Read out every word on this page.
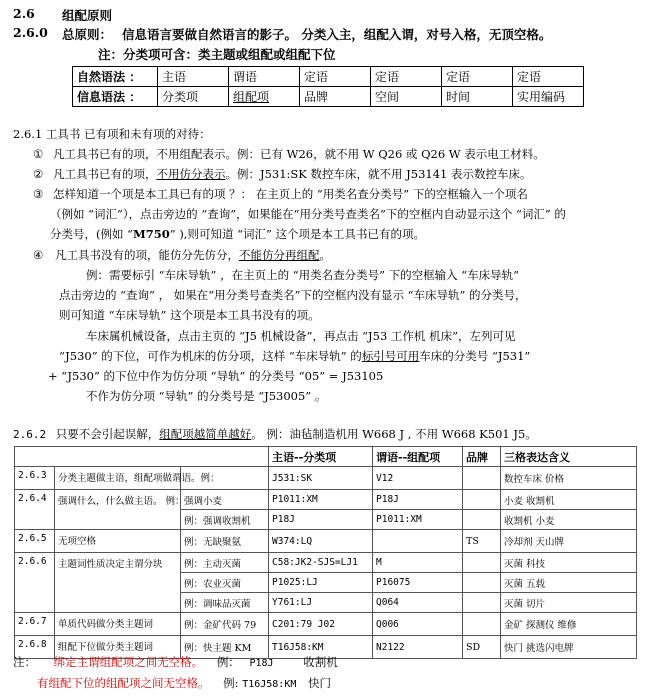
2.6 组配原则
2.6.0 总原则： 信息语言要做自然语言的影子。 分类入主，组配入谓，对号入格，无顶空格。
注：分类项可含：类主题或组配或组配下位
自然语法 ：	主语	谓语	定语	定语	定语	定语
信息语法 ：	分类项	组配项	品牌	空间	时间	实用编码
2.6.1 工具书 已有项和未有项的对待：
① 凡工具书已有的项，不用组配表示。例：已有 W26，就不用 W Q26 或 Q26 W 表示电工材料。
② 凡工具书已有的项，不用仿分表示。例：J531:SK 数控车床，就不用 J53141 表示数控车床。
③ 怎样知道一个项是本工具已有的项 ？： 在主页上的 “用类名查分类号” 下的空框输入一个项名
（例如 “词汇”），点击旁边的 “查询”，如果能在“用分类号查类名”下的空框内自动显示这个 “词汇” 的
分类号，(例如 “M750” ),则可知道 “词汇” 这个项是本工具书已有的项。
④ 凡工具书没有的项，能仿分先仿分，不能仿分再组配。
例：需要标引 “车床导轨” ，在主页上的 “用类名查分类号” 下的空框输入 “车床导轨”
点击旁边的 “查询” ， 如果在“用分类号查类名”下的空框内没有显示 “车床导轨” 的分类号，
则可知道 “车床导轨” 这个项是本工具书没有的项。
车床属机械设备，点击主页的 “J5 机械设备”，再点击 “J53 工作机 机床”，左列可见
“J530” 的下位，可作为机床的仿分项，这样 “车床导轨” 的标引号可用车床的分类号 “J531”
+ “J530” 的下位中作为仿分项 “导轨” 的分类号 “05” = J53105
不作为仿分项 “导轨” 的分类号是 “J53005” 。
2.6.2 只要不会引起误解，组配项越简单越好。 例：油毡制造机用 W668 J , 不用 W668 K501 J5。
			主语--分类项	谓语--组配项	品牌	三格表达含义
2.6.3	分类主题做主语，组配项做谓语。例：		J531:SK	V12		数控车床 价格
2.6.4	强调什么，什么做主语。 例：	强调小麦	P1011:XM	P18J		小麦 收割机
		例：强调收割机	P18J	P1011:XM		收割机 小麦
2.6.5	无项空格	例：无缺聚氨	W374:LQ		TS	冷却剂 天山牌
2.6.6	主题词性质决定主谓分块	例：主动灭菌	C58:JK2-SJS=LJ1	M		灭菌 科技
		例：农业灭菌	P1025:LJ	P16075		灭菌 五载
		例：调味品灭菌	Y761:LJ	Q064		灭菌 切片
2.6.7	单质代码做分类主题词	例：金矿代码 79	C201:79 J02	Q006		金矿 探测仪 维修
2.6.8	组配下位做分类主题词	例：快主题 KM	T16J58:KM	N2122	SD	快门 挑选闪电牌
注： 绑定主谓组配项之间无空格。 例： P18J	收割机
有组配下位的组配项之间无空格。 例: T16J58:KM 快门
